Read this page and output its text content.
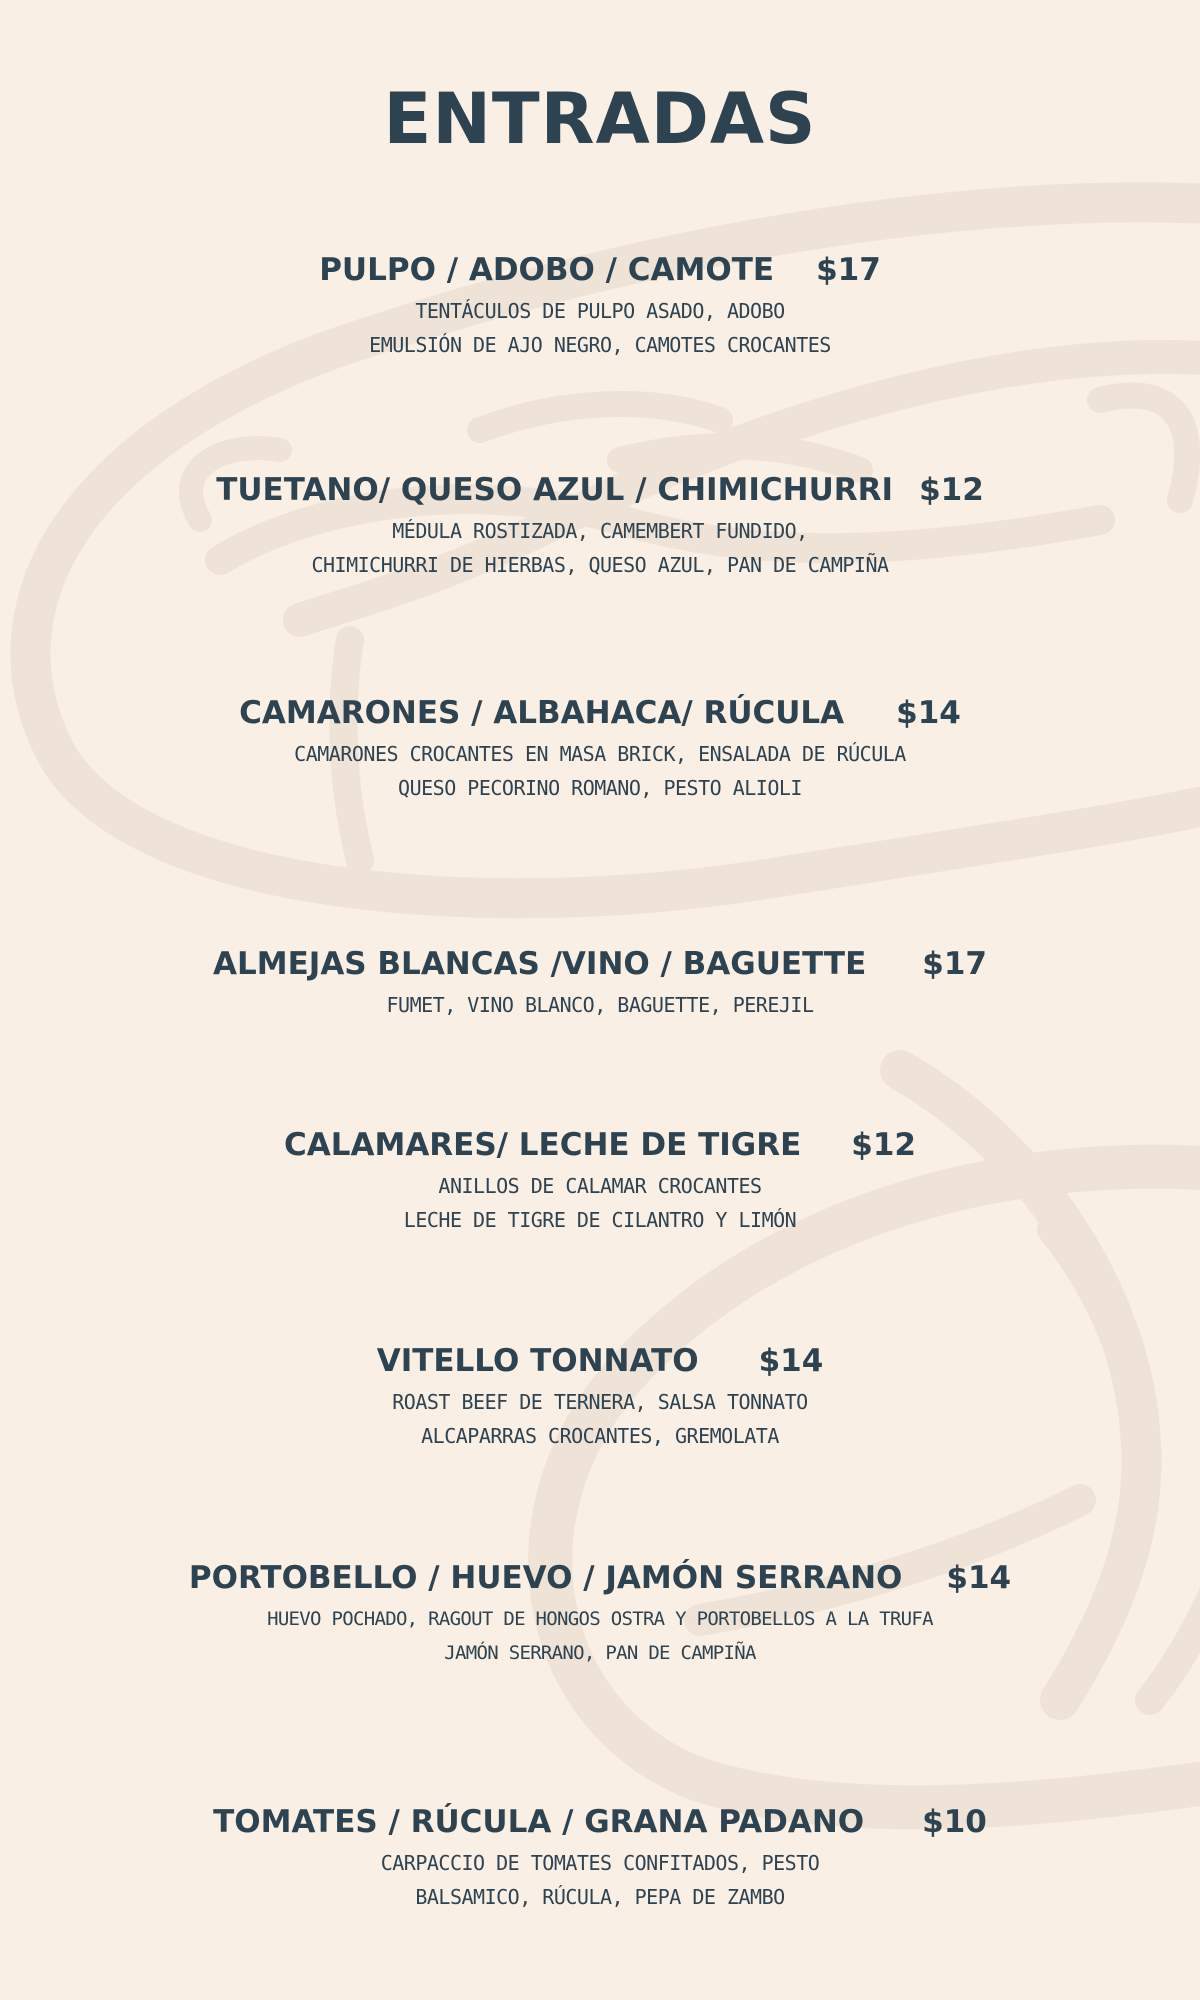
ENTRADAS
PULPO / ADOBO / CAMOTE $17
TENTÁCULOS DE PULPO ASADO, ADOBO
EMULSIÓN DE AJO NEGRO, CAMOTES CROCANTES
TUETANO/ QUESO AZUL / CHIMICHURRI $12
MÉDULA ROSTIZADA, CAMEMBERT FUNDIDO,
CHIMICHURRI DE HIERBAS, QUESO AZUL, PAN DE CAMPIÑA
CAMARONES / ALBAHACA/ RÚCULA $14
CAMARONES CROCANTES EN MASA BRICK, ENSALADA DE RÚCULA
QUESO PECORINO ROMANO, PESTO ALIOLI
ALMEJAS BLANCAS /VINO / BAGUETTE $17
FUMET, VINO BLANCO, BAGUETTE, PEREJIL
CALAMARES/ LECHE DE TIGRE $12
ANILLOS DE CALAMAR CROCANTES
LECHE DE TIGRE DE CILANTRO Y LIMÓN
VITELLO TONNATO $14
ROAST BEEF DE TERNERA, SALSA TONNATO
ALCAPARRAS CROCANTES, GREMOLATA
PORTOBELLO / HUEVO / JAMÓN SERRANO $14
HUEVO POCHADO, RAGOUT DE HONGOS OSTRA Y PORTOBELLOS A LA TRUFA
JAMÓN SERRANO, PAN DE CAMPIÑA
TOMATES / RÚCULA / GRANA PADANO $10
CARPACCIO DE TOMATES CONFITADOS, PESTO
BALSAMICO, RÚCULA, PEPA DE ZAMBO
